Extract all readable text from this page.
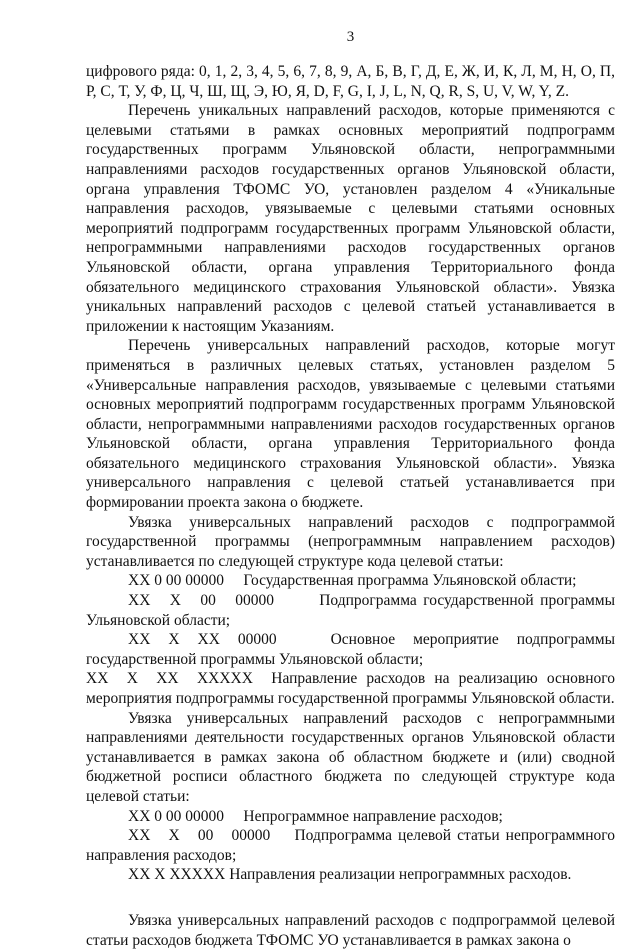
3

цифрового ряда: 0, 1, 2, 3, 4, 5, 6, 7, 8, 9, А, Б, В, Г, Д, Е, Ж, И, К, Л, М, Н, О, П, Р, С, Т, У, Ф, Ц, Ч, Ш, Щ, Э, Ю, Я, D, F, G, I, J, L, N, Q, R, S, U, V, W, Y, Z.

Перечень уникальных направлений расходов, которые применяются с целевыми статьями в рамках основных мероприятий подпрограмм государственных программ Ульяновской области, непрограммными направлениями расходов государственных органов Ульяновской области, органа управления ТФОМС УО, установлен разделом 4 «Уникальные направления расходов, увязываемые с целевыми статьями основных мероприятий подпрограмм государственных программ Ульяновской области, непрограммными направлениями расходов государственных органов Ульяновской области, органа управления Территориального фонда обязательного медицинского страхования Ульяновской области». Увязка уникальных направлений расходов с целевой статьей устанавливается в приложении к настоящим Указаниям.

Перечень универсальных направлений расходов, которые могут применяться в различных целевых статьях, установлен разделом 5 «Универсальные направления расходов, увязываемые с целевыми статьями основных мероприятий подпрограмм государственных программ Ульяновской области, непрограммными направлениями расходов государственных органов Ульяновской области, органа управления Территориального фонда обязательного медицинского страхования Ульяновской области». Увязка универсального направления с целевой статьей устанавливается при формировании проекта закона о бюджете.

Увязка универсальных направлений расходов с подпрограммой государственной программы (непрограммным направлением расходов) устанавливается по следующей структуре кода целевой статьи:

XX 0 00 00000     Государственная программа Ульяновской области;

XX   X   00   00000       Подпрограмма государственной программы Ульяновской области;

XX X XX 00000   Основное мероприятие подпрограммы государственной программы Ульяновской области;

XX  X  XX  XXXXX  Направление расходов на реализацию основного мероприятия подпрограммы государственной программы Ульяновской области.

Увязка универсальных направлений расходов с непрограммными направлениями деятельности государственных органов Ульяновской области устанавливается в рамках закона об областном бюджете и (или) сводной бюджетной росписи областного бюджета по следующей структуре кода целевой статьи:

XX 0 00 00000     Непрограммное направление расходов;

XX   X   00   00000    Подпрограмма целевой статьи непрограммного направления расходов;

XX X XXXXX Направления реализации непрограммных расходов.

Увязка универсальных направлений расходов с подпрограммой целевой статьи расходов бюджета ТФОМС УО устанавливается в рамках закона о
